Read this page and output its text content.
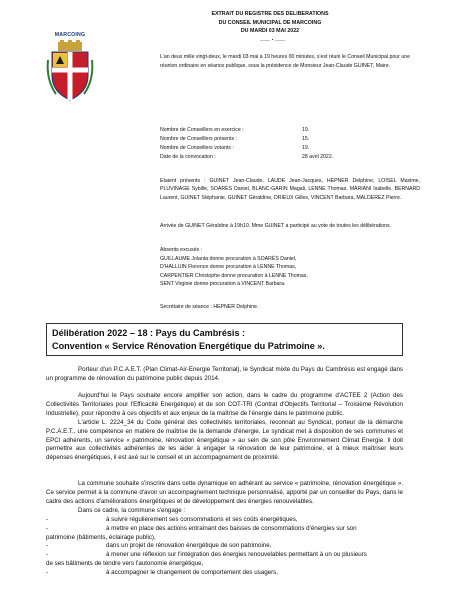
MARCOING
EXTRAIT DU REGISTRE DES DELIBERATIONS
DU CONSEIL MUNICIPAL DE MARCOING
DU MARDI 03 MAI 2022
___ . ___
L'an deux mille vingt-deux, le mardi 03 mai à 19 heures 00 minutes, s'est réuni le Conseil Municipal pour une réunion ordinaire en séance publique, sous la présidence de Monsieur Jean-Claude GUINET, Maire.
Nombre de Conseillers en exercice :	19.
Nombre de Conseillers présents :	15.
Nombre de Conseillers votants :	19.
Date de la convocation :	28 avril 2022.
Etaient présents : GUINET Jean-Claude, LAUDE Jean-Jacques, HEPNER Delphine, LOISEL Maxime, PLUVINAGE Sybille, SOARÈS Daniel, BLANC-GARIN Magali, LENNE Thomas, MARIANI Isabelle, BERNARD Laurent, GUINET Stéphanie, GUINET Géraldine, DRIEUX Gilles, VINCENT Barbara, MALDEREZ Pierre.
Arrivée de GUINET Géraldine à 19h10. Mme GUINET a participé au vote de toutes les délibérations.
Absents excusés :
GUILLAUME Jolanta donne procuration à SOARÈS Daniel,
D'HALLUIN Florence donne procuration à LENNE Thomas,
CARPENTIER Christophe donne procuration à LENNE Thomas,
SENT Virginie donne procuration à VINCENT Barbara.
Délibération 2022 – 18 : Pays du Cambrésis :
Convention « Service Rénovation Energétique du Patrimoine ».
Secrétaire de séance : HEPNER Delphine.
Porteur d'un P.C.A.E.T. (Plan Climat-Air-Energie Territorial), le Syndicat mixte du Pays du Cambrésis est engagé dans un programme de rénovation du patrimoine public depuis 2014.
Aujourd'hui le Pays souhaite encore amplifier son action, dans le cadre du programme d'ACTEE 2 (Action des Collectivités Territoriales pour l'Efficacité Energétique) et de son COT-TRI (Contrat d'Objectifs Territorial – Troisième Révolution Industrielle), pour répondre à ces objectifs et aux enjeux de la maîtrise de l'énergie dans le patrimoine public.
L'article L. 2224_34 du Code général des collectivités territoriales, reconnait au Syndicat, porteur de la démarche P.C.A.E.T., une compétence en matière de maîtrise de la demande d'énergie. Le syndicat met à disposition de ses communes et EPCI adhérents, un service « patrimoine, rénovation énergétique » au sein de son pôle Environnement Climat Energie. Il doit permettre aux collectivités adhérentes de les aider à engager la rénovation de leur patrimoine, et à mieux maîtriser leurs dépenses énergétiques, il est axé sur le conseil et un accompagnement de proximité.
La commune souhaite s'inscrire dans cette dynamique en adhérant au service « patrimoine, rénovation énergétique ». Ce service permet à la commune d'avoir un accompagnement technique personnalisé, apporté par un conseiller du Pays, dans le cadre des actions d'améliorations énergétiques et de développement des énergies renouvelables.
Dans ce cadre, la commune s'engage :
-	à suivre régulièrement ses consommations et ses coûts énergétiques,
-	à mettre en place des actions entraînant des baisses de consommations d'énergies sur son
patrimoine (bâtiments, éclairage public),
-	dans un projet de rénovation énergétique de son patrimoine,
-	à mener une réflexion sur l'intégration des énergies renouvelables permettant à un ou plusieurs
de ses bâtiments de tendre vers l'autonomie énergétique,
-	à accompagner le changement de comportement des usagers,
